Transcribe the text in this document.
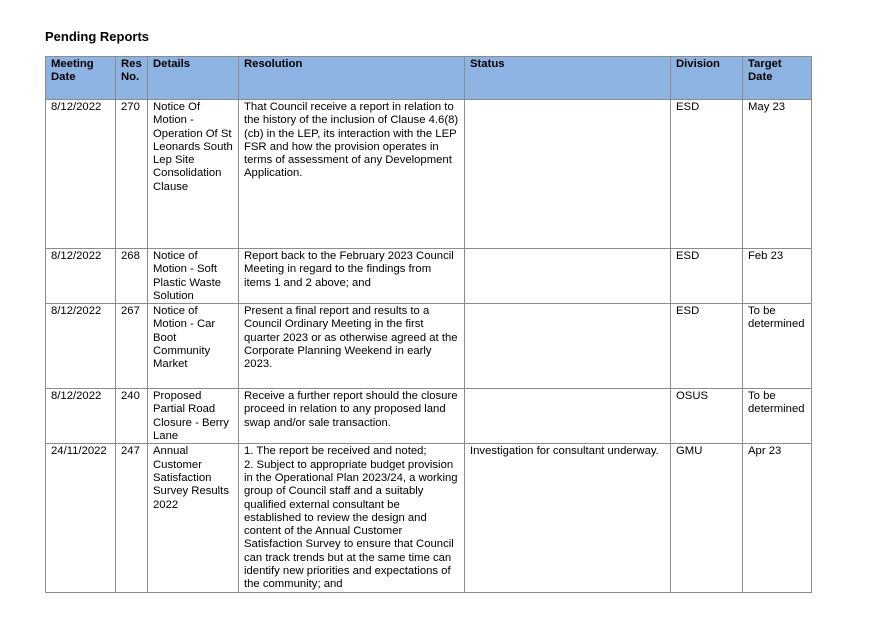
Pending Reports
Meeting Date	Res No.	Details	Resolution	Status	Division	Target Date
8/12/2022	270	Notice Of Motion - Operation Of St Leonards South Lep Site Consolidation Clause	That Council receive a report in relation to the history of the inclusion of Clause 4.6(8) (cb) in the LEP, its interaction with the LEP FSR and how the provision operates in terms of assessment of any Development Application.		ESD	May 23
8/12/2022	268	Notice of Motion - Soft Plastic Waste Solution	Report back to the February 2023 Council Meeting in regard to the findings from items 1 and 2 above; and		ESD	Feb 23
8/12/2022	267	Notice of Motion - Car Boot Community Market	Present a final report and results to a Council Ordinary Meeting in the first quarter 2023 or as otherwise agreed at the Corporate Planning Weekend in early 2023.		ESD	To be determined
8/12/2022	240	Proposed Partial Road Closure - Berry Lane	Receive a further report should the closure proceed in relation to any proposed land swap and/or sale transaction.		OSUS	To be determined
24/11/2022	247	Annual Customer Satisfaction Survey Results 2022	1. The report be received and noted;
2. Subject to appropriate budget provision in the Operational Plan 2023/24, a working group of Council staff and a suitably qualified external consultant be established to review the design and content of the Annual Customer Satisfaction Survey to ensure that Council can track trends but at the same time can identify new priorities and expectations of the community; and	Investigation for consultant underway.	GMU	Apr 23
